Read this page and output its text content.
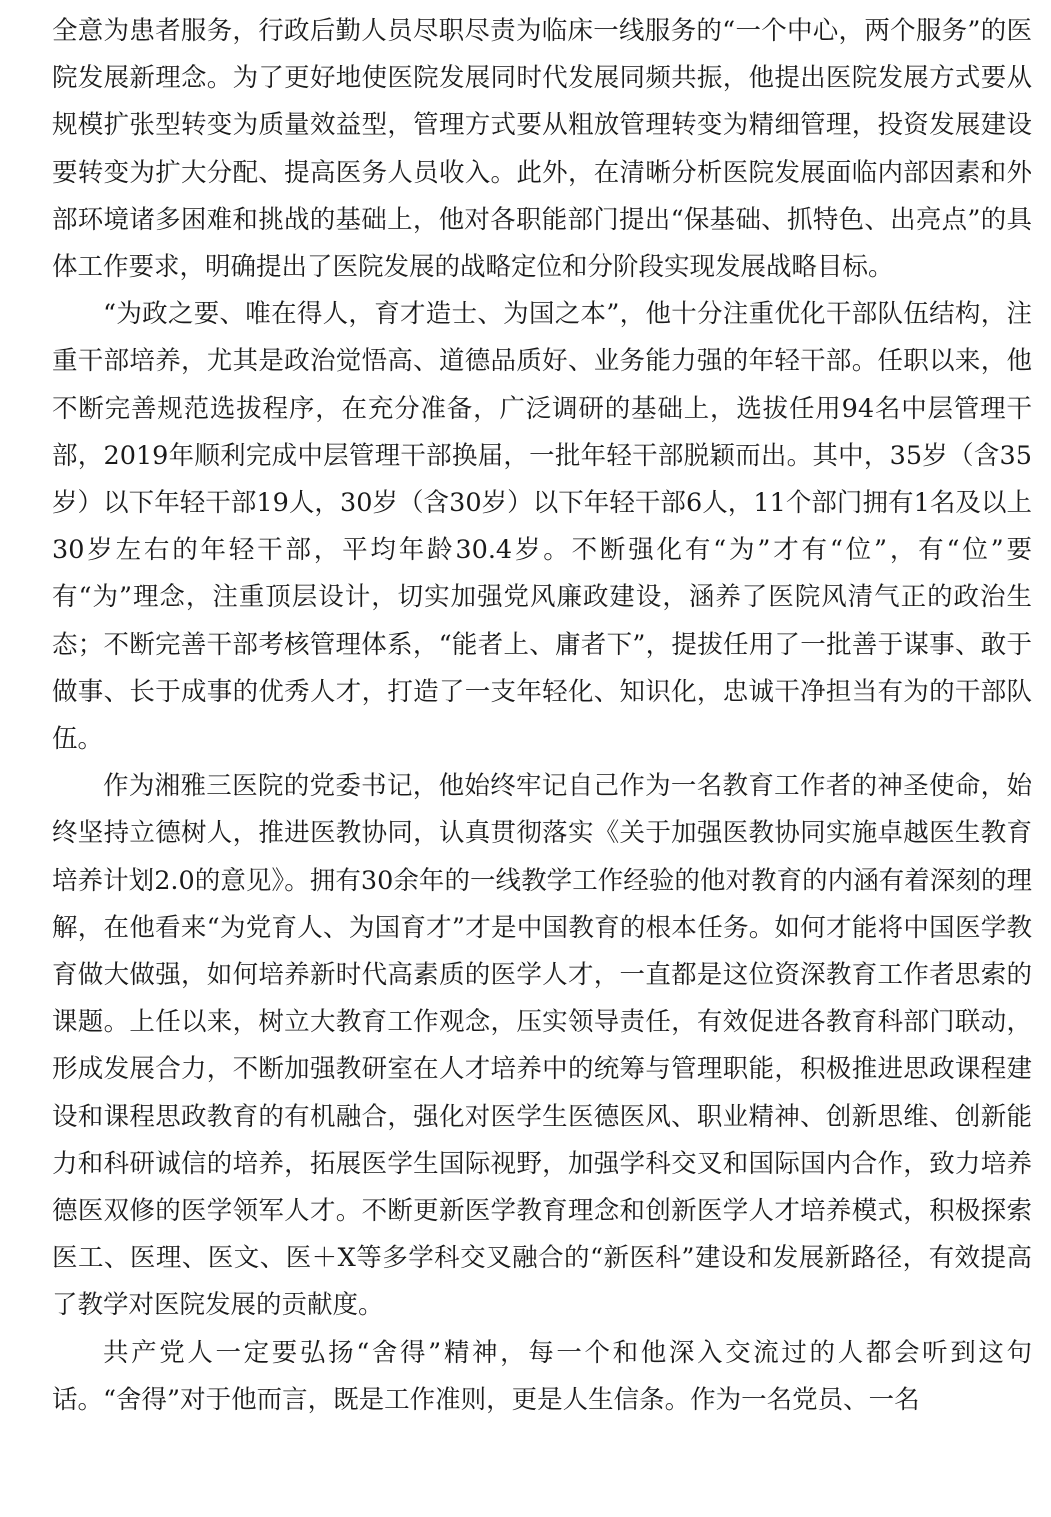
全意为患者服务，行政后勤人员尽职尽责为临床一线服务的“一个中心，两个服务”的医院发展新理念。为了更好地使医院发展同时代发展同频共振，他提出医院发展方式要从规模扩张型转变为质量效益型，管理方式要从粗放管理转变为精细管理，投资发展建设要转变为扩大分配、提高医务人员收入。此外，在清晰分析医院发展面临内部因素和外部环境诸多困难和挑战的基础上，他对各职能部门提出“保基础、抓特色、出亮点”的具体工作要求，明确提出了医院发展的战略定位和分阶段实现发展战略目标。

“为政之要、唯在得人，育才造士、为国之本”，他十分注重优化干部队伍结构，注重干部培养，尤其是政治觉悟高、道德品质好、业务能力强的年轻干部。任职以来，他不断完善规范选拔程序，在充分准备，广泛调研的基础上，选拔任用94名中层管理干部，2019年顺利完成中层管理干部换届，一批年轻干部脱颖而出。其中，35岁（含35岁）以下年轻干部19人，30岁（含30岁）以下年轻干部6人，11个部门拥有1名及以上30岁左右的年轻干部，平均年龄30.4岁。不断强化有“为”才有“位”，有“位”要有“为”理念，注重顶层设计，切实加强党风廉政建设，涵养了医院风清气正的政治生态；不断完善干部考核管理体系，“能者上、庸者下”，提拔任用了一批善于谋事、敢于做事、长于成事的优秀人才，打造了一支年轻化、知识化，忠诚干净担当有为的干部队伍。

作为湘雅三医院的党委书记，他始终牢记自己作为一名教育工作者的神圣使命，始终坚持立德树人，推进医教协同，认真贯彻落实《关于加强医教协同实施卓越医生教育培养计划2.0的意见》。拥有30余年的一线教学工作经验的他对教育的内涵有着深刻的理解，在他看来“为党育人、为国育才”才是中国教育的根本任务。如何才能将中国医学教育做大做强，如何培养新时代高素质的医学人才，一直都是这位资深教育工作者思索的课题。上任以来，树立大教育工作观念，压实领导责任，有效促进各教育科部门联动，形成发展合力，不断加强教研室在人才培养中的统筹与管理职能，积极推进思政课程建设和课程思政教育的有机融合，强化对医学生医德医风、职业精神、创新思维、创新能力和科研诚信的培养，拓展医学生国际视野，加强学科交叉和国际国内合作，致力培养德医双修的医学领军人才。不断更新医学教育理念和创新医学人才培养模式，积极探索医工、医理、医文、医＋X等多学科交叉融合的“新医科”建设和发展新路径，有效提高了教学对医院发展的贡献度。

共产党人一定要弘扬“舍得”精神，每一个和他深入交流过的人都会听到这句话。“舍得”对于他而言，既是工作准则，更是人生信条。作为一名党员、一名
